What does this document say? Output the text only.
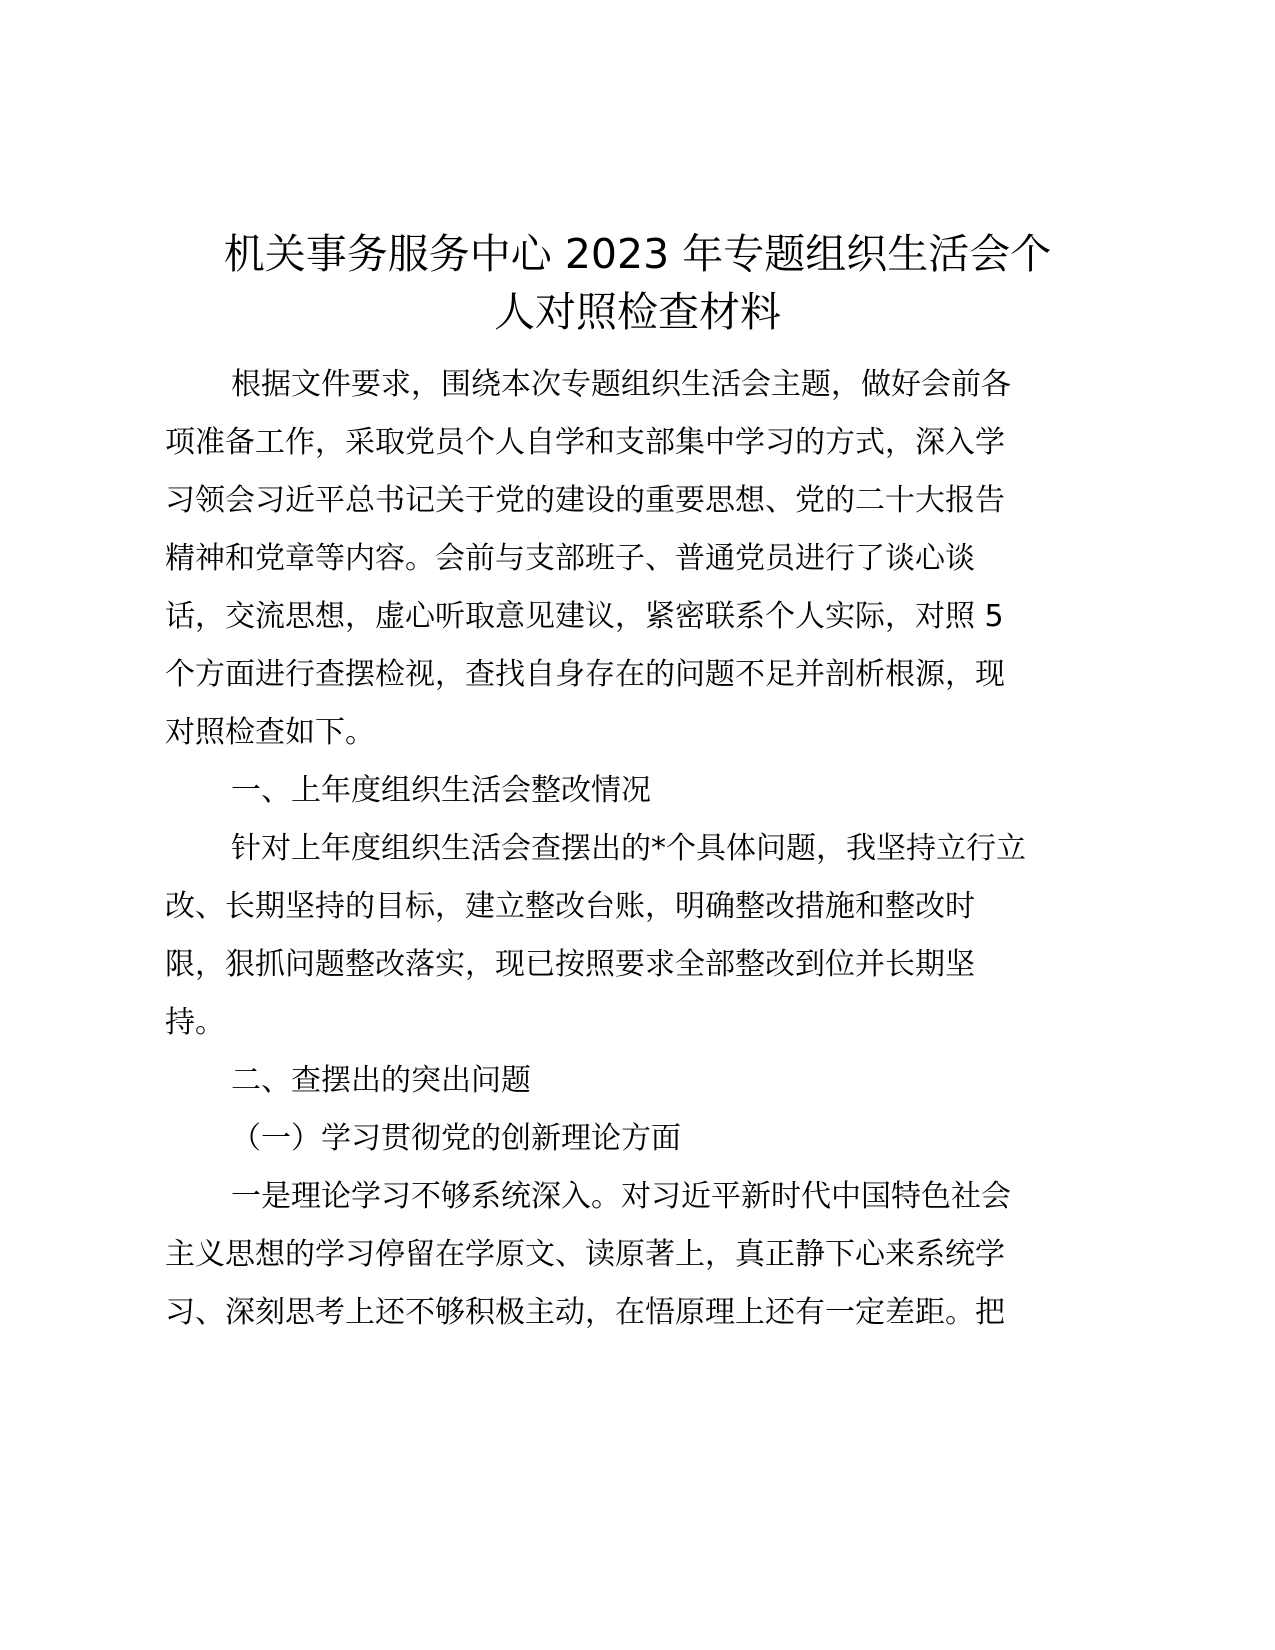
机关事务服务中心 2023 年专题组织生活会个
人对照检查材料

根据文件要求，围绕本次专题组织生活会主题，做好会前各

项准备工作，采取党员个人自学和支部集中学习的方式，深入学

习领会习近平总书记关于党的建设的重要思想、党的二十大报告

精神和党章等内容。会前与支部班子、普通党员进行了谈心谈

话，交流思想，虚心听取意见建议，紧密联系个人实际，对照 5

个方面进行查摆检视，查找自身存在的问题不足并剖析根源，现

对照检查如下。

一、上年度组织生活会整改情况

针对上年度组织生活会查摆出的*个具体问题，我坚持立行立

改、长期坚持的目标，建立整改台账，明确整改措施和整改时

限，狠抓问题整改落实，现已按照要求全部整改到位并长期坚

持。

二、查摆出的突出问题

（一）学习贯彻党的创新理论方面

一是理论学习不够系统深入。对习近平新时代中国特色社会

主义思想的学习停留在学原文、读原著上，真正静下心来系统学

习、深刻思考上还不够积极主动，在悟原理上还有一定差距。把
